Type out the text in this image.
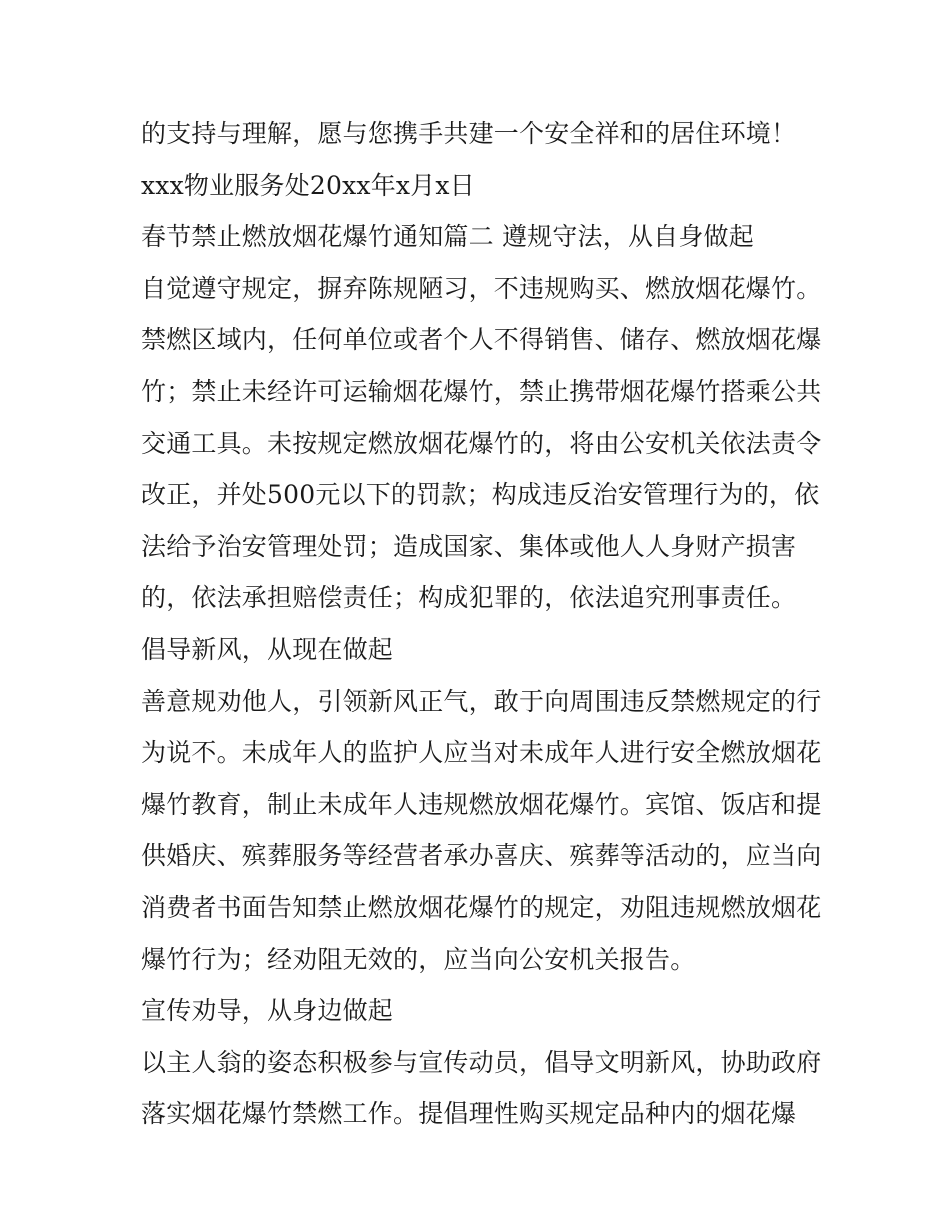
的支持与理解，愿与您携手共建一个安全祥和的居住环境！
xxx物业服务处20xx年x月x日
春节禁止燃放烟花爆竹通知篇二 遵规守法，从自身做起
自觉遵守规定，摒弃陈规陋习，不违规购买、燃放烟花爆竹。
禁燃区域内，任何单位或者个人不得销售、储存、燃放烟花爆
竹；禁止未经许可运输烟花爆竹，禁止携带烟花爆竹搭乘公共
交通工具。未按规定燃放烟花爆竹的，将由公安机关依法责令
改正，并处500元以下的罚款；构成违反治安管理行为的，依
法给予治安管理处罚；造成国家、集体或他人人身财产损害
的，依法承担赔偿责任；构成犯罪的，依法追究刑事责任。
倡导新风，从现在做起
善意规劝他人，引领新风正气，敢于向周围违反禁燃规定的行
为说不。未成年人的监护人应当对未成年人进行安全燃放烟花
爆竹教育，制止未成年人违规燃放烟花爆竹。宾馆、饭店和提
供婚庆、殡葬服务等经营者承办喜庆、殡葬等活动的，应当向
消费者书面告知禁止燃放烟花爆竹的规定，劝阻违规燃放烟花
爆竹行为；经劝阻无效的，应当向公安机关报告。
宣传劝导，从身边做起
以主人翁的姿态积极参与宣传动员，倡导文明新风，协助政府
落实烟花爆竹禁燃工作。提倡理性购买规定品种内的烟花爆
